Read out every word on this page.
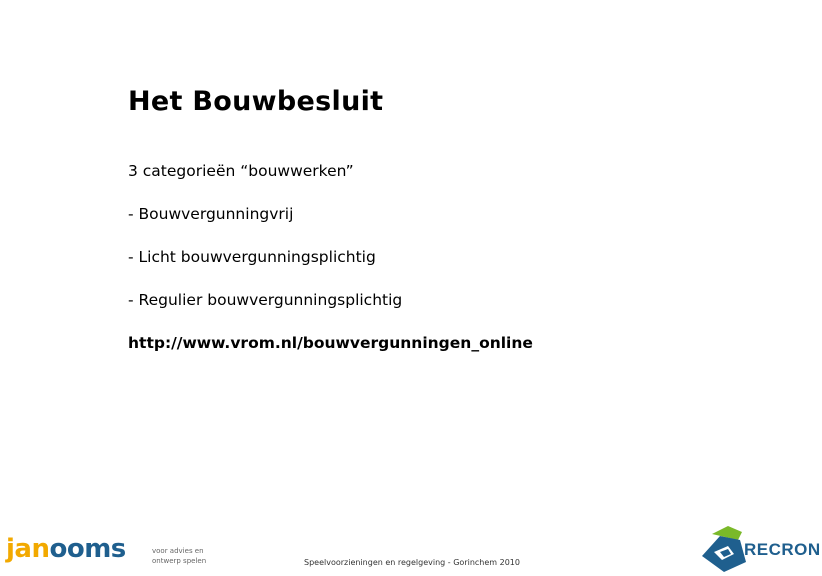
Het Bouwbesluit
3 categorieën “bouwwerken”
- Bouwvergunningvrij
- Licht bouwvergunningsplichtig
- Regulier bouwvergunningsplichtig
http://www.vrom.nl/bouwvergunningen_online
janooms	voor advies en
ontwerp spelen	Speelvoorzieningen en regelgeving - Gorinchem 2010
RECRON
